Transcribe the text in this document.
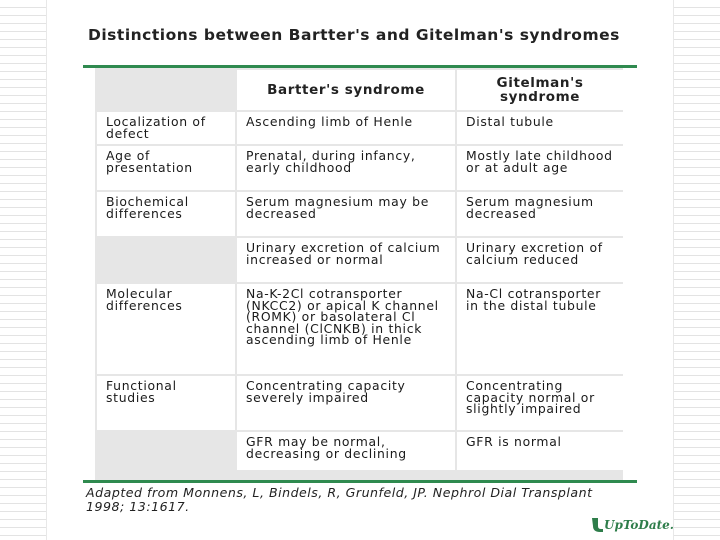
Distinctions between Bartter's and Gitelman's syndromes
	Bartter's syndrome	Gitelman's syndrome
Localization of defect	Ascending limb of Henle	Distal tubule
Age of presentation	Prenatal, during infancy, early childhood	Mostly late childhood or at adult age
Biochemical differences	Serum magnesium may be decreased	Serum magnesium decreased
	Urinary excretion of calcium increased or normal	Urinary excretion of calcium reduced
Molecular differences	Na-K-2Cl cotransporter (NKCC2) or apical K channel (ROMK) or basolateral Cl channel (ClCNKB) in thick ascending limb of Henle	Na-Cl cotransporter in the distal tubule
Functional studies	Concentrating capacity severely impaired	Concentrating capacity normal or slightly impaired
	GFR may be normal, decreasing or declining	GFR is normal
Adapted from Monnens, L, Bindels, R, Grunfeld, JP. Nephrol Dial Transplant 1998; 13:1617.
UpToDate.
